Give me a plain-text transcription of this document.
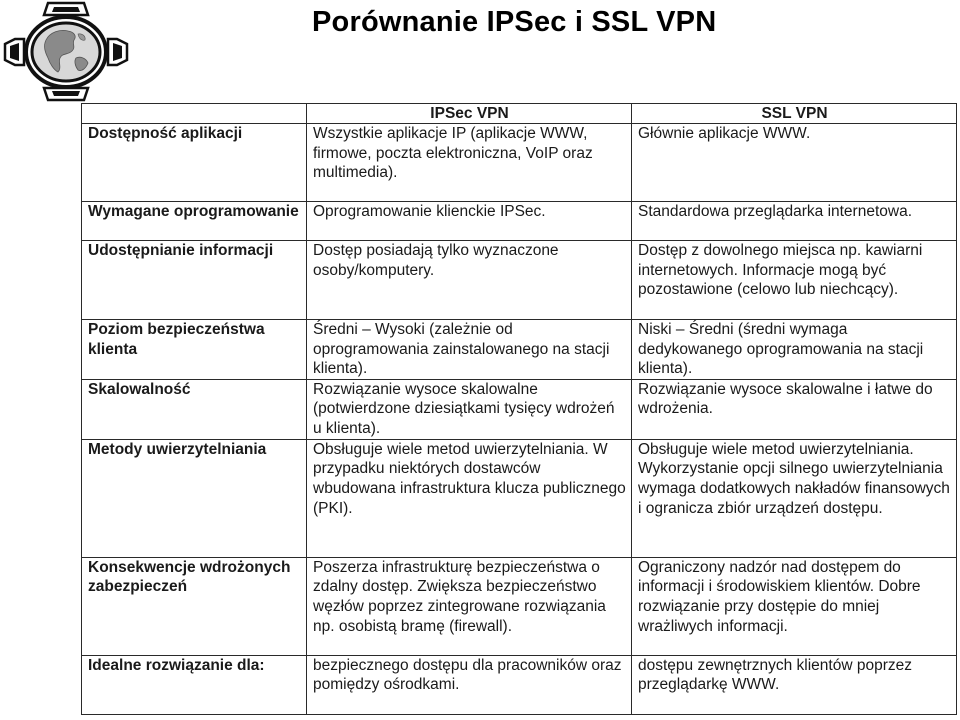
Porównanie IPSec i SSL VPN
	IPSec VPN	SSL VPN
Dostępność aplikacji	Wszystkie aplikacje IP (aplikacje WWW, firmowe, poczta elektroniczna, VoIP oraz multimedia).	Głównie aplikacje WWW.
Wymagane oprogramowanie	Oprogramowanie klienckie IPSec.	Standardowa przeglądarka internetowa.
Udostępnianie informacji	Dostęp posiadają tylko wyznaczone osoby/komputery.	Dostęp z dowolnego miejsca np. kawiarni internetowych. Informacje mogą być pozostawione (celowo lub niechcący).
Poziom bezpieczeństwa klienta	Średni – Wysoki (zależnie od oprogramowania zainstalowanego na stacji klienta).	Niski – Średni (średni wymaga dedykowanego oprogramowania na stacji klienta).
Skalowalność	Rozwiązanie wysoce skalowalne (potwierdzone dziesiątkami tysięcy wdrożeń u klienta).	Rozwiązanie wysoce skalowalne i łatwe do wdrożenia.
Metody uwierzytelniania	Obsługuje wiele metod uwierzytelniania. W przypadku niektórych dostawców wbudowana infrastruktura klucza publicznego (PKI).	Obsługuje wiele metod uwierzytelniania. Wykorzystanie opcji silnego uwierzytelniania wymaga dodatkowych nakładów finansowych i ogranicza zbiór urządzeń dostępu.
Konsekwencje wdrożonych zabezpieczeń	Poszerza infrastrukturę bezpieczeństwa o zdalny dostęp. Zwiększa bezpieczeństwo węzłów poprzez zintegrowane rozwiązania np. osobistą bramę (firewall).	Ograniczony nadzór nad dostępem do informacji i środowiskiem klientów. Dobre rozwiązanie przy dostępie do mniej wrażliwych informacji.
Idealne rozwiązanie dla:	bezpiecznego dostępu dla pracowników oraz pomiędzy ośrodkami.	dostępu zewnętrznych klientów poprzez przeglądarkę WWW.
